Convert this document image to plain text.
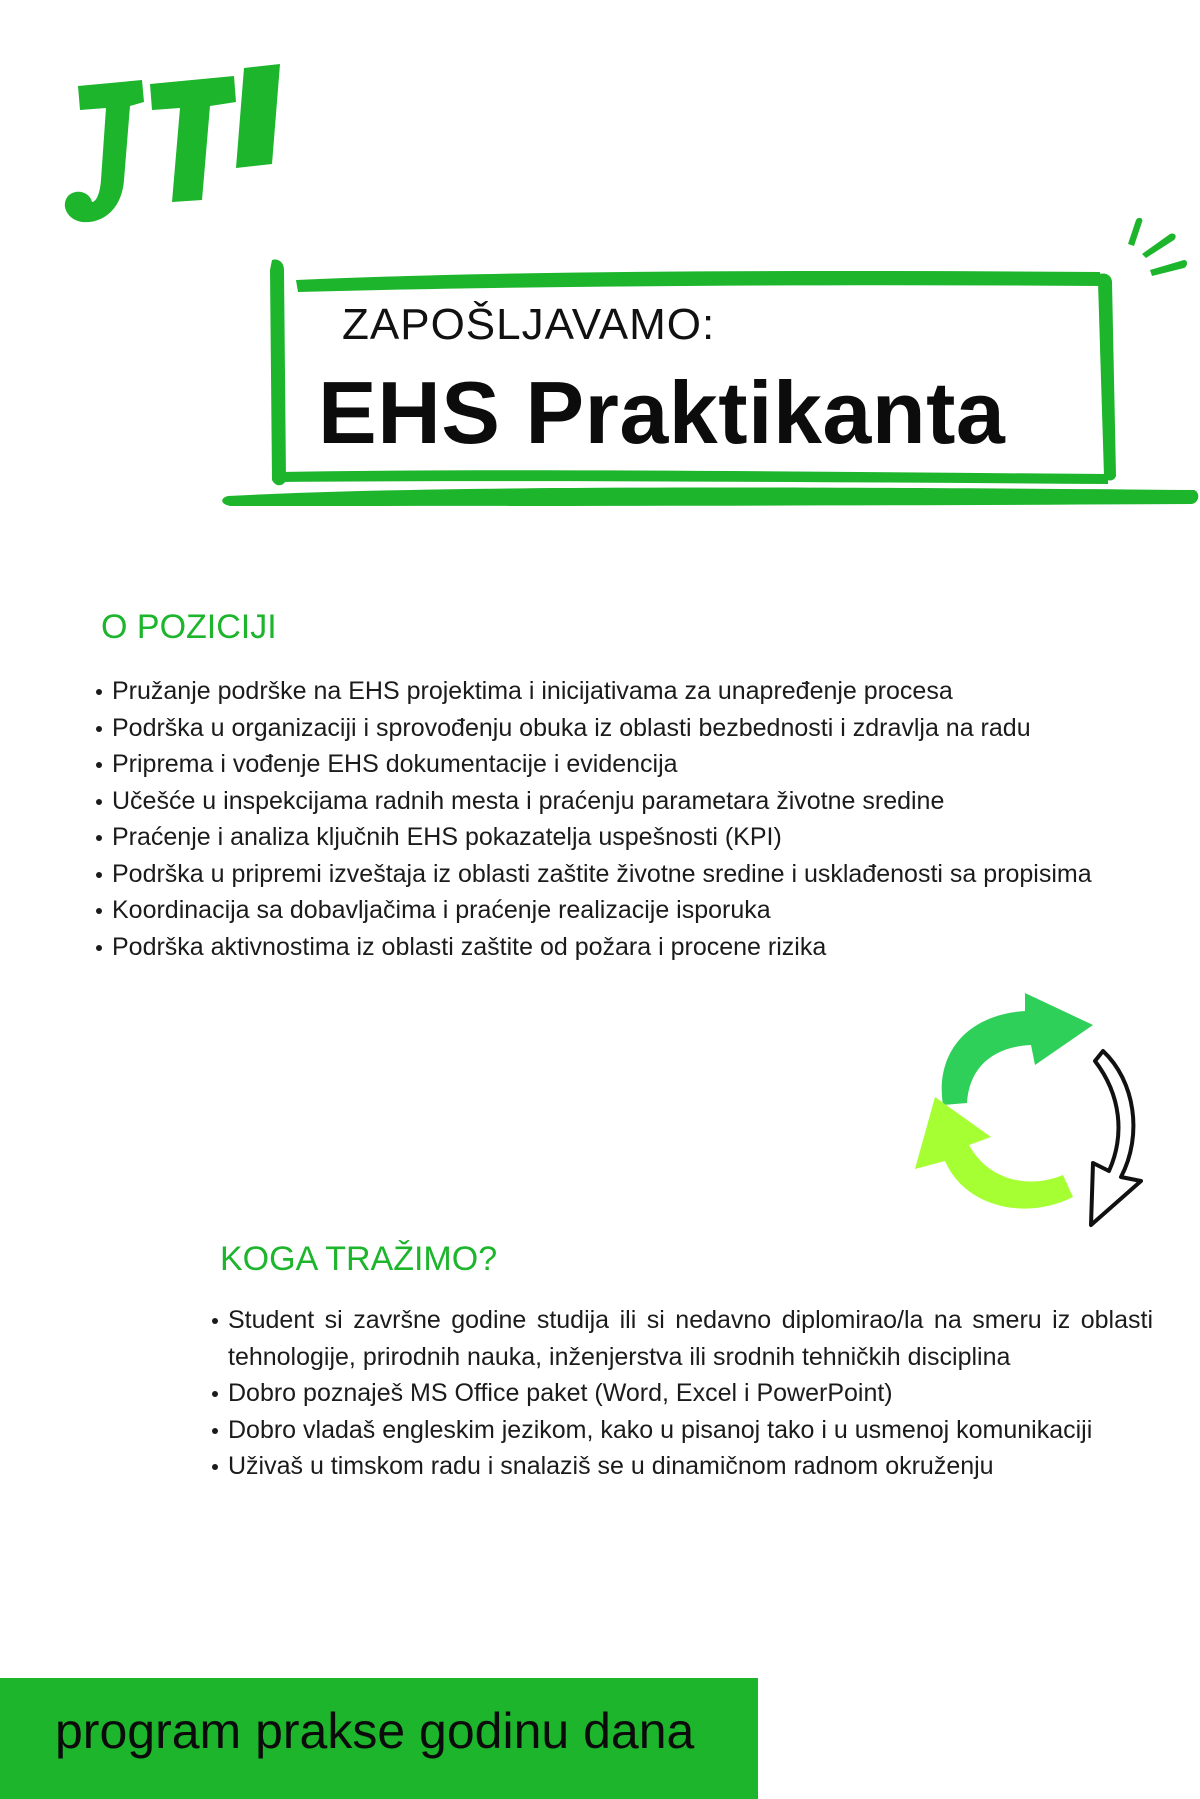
ZAPOŠLJAVAMO:
EHS Praktikanta
O POZICIJI
Pružanje podrške na EHS projektima i inicijativama za unapređenje procesa
Podrška u organizaciji i sprovođenju obuka iz oblasti bezbednosti i zdravlja na radu
Priprema i vođenje EHS dokumentacije i evidencija
Učešće u inspekcijama radnih mesta i praćenju parametara životne sredine
Praćenje i analiza ključnih EHS pokazatelja uspešnosti (KPI)
Podrška u pripremi izveštaja iz oblasti zaštite životne sredine i usklađenosti sa propisima
Koordinacija sa dobavljačima i praćenje realizacije isporuka
Podrška aktivnostima iz oblasti zaštite od požara i procene rizika
KOGA TRAŽIMO?
Student si završne godine studija ili si nedavno diplomirao/la na smeru iz oblasti tehnologije, prirodnih nauka, inženjerstva ili srodnih tehničkih disciplina
Dobro poznaješ MS Office paket (Word, Excel i PowerPoint)
Dobro vladaš engleskim jezikom, kako u pisanoj tako i u usmenoj komunikaciji
Uživaš u timskom radu i snalaziš se u dinamičnom radnom okruženju
program prakse godinu dana
